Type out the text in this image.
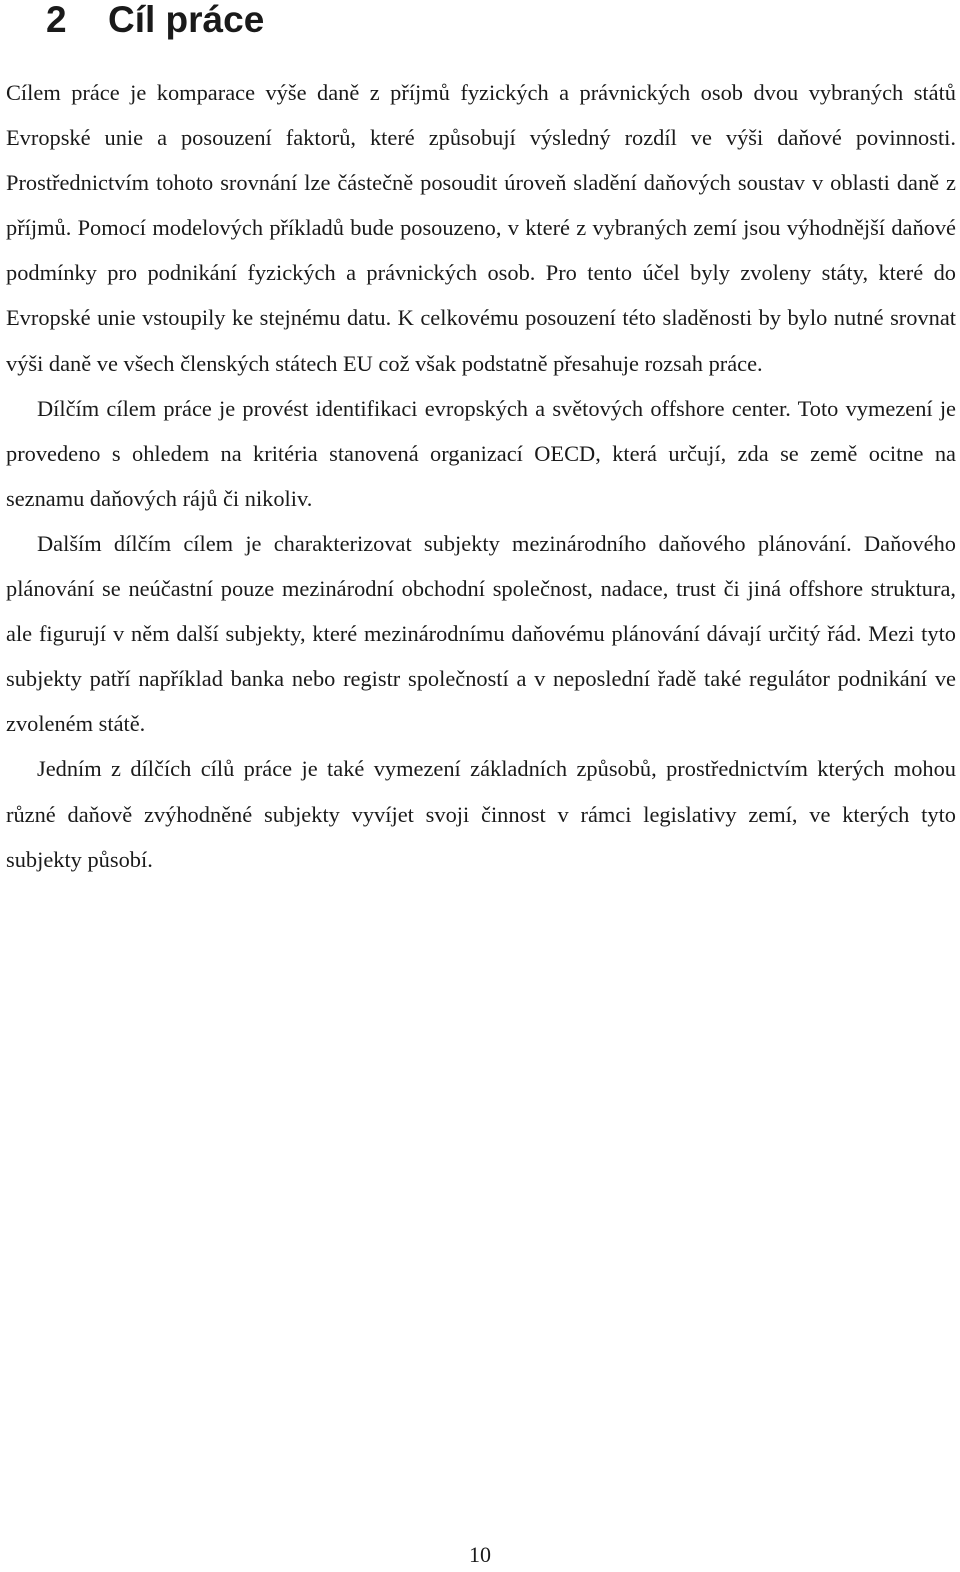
2 Cíl práce

Cílem práce je komparace výše daně z příjmů fyzických a právnických osob dvou vybraných států Evropské unie a posouzení faktorů, které způsobují výsledný rozdíl ve výši daňové povinnosti. Prostřednictvím tohoto srovnání lze částečně posoudit úroveň sladění daňových soustav v oblasti daně z příjmů. Pomocí modelových příkladů bude posouzeno, v které z vybraných zemí jsou výhodnější daňové podmínky pro podnikání fyzických a právnických osob. Pro tento účel byly zvoleny státy, které do Evropské unie vstoupily ke stejnému datu. K celkovému posouzení této sladěnosti by bylo nutné srovnat výši daně ve všech členských státech EU což však podstatně přesahuje rozsah práce.

Dílčím cílem práce je provést identifikaci evropských a světových offshore center. Toto vymezení je provedeno s ohledem na kritéria stanovená organizací OECD, která určují, zda se země ocitne na seznamu daňových rájů či nikoliv.

Dalším dílčím cílem je charakterizovat subjekty mezinárodního daňového plánování. Daňového plánování se neúčastní pouze mezinárodní obchodní společnost, nadace, trust či jiná offshore struktura, ale figurují v něm další subjekty, které mezinárodnímu daňovému plánování dávají určitý řád. Mezi tyto subjekty patří například banka nebo registr společností a v neposlední řadě také regulátor podnikání ve zvoleném státě.

Jedním z dílčích cílů práce je také vymezení základních způsobů, prostřednictvím kterých mohou různé daňově zvýhodněné subjekty vyvíjet svoji činnost v rámci legislativy zemí, ve kterých tyto subjekty působí.

10
